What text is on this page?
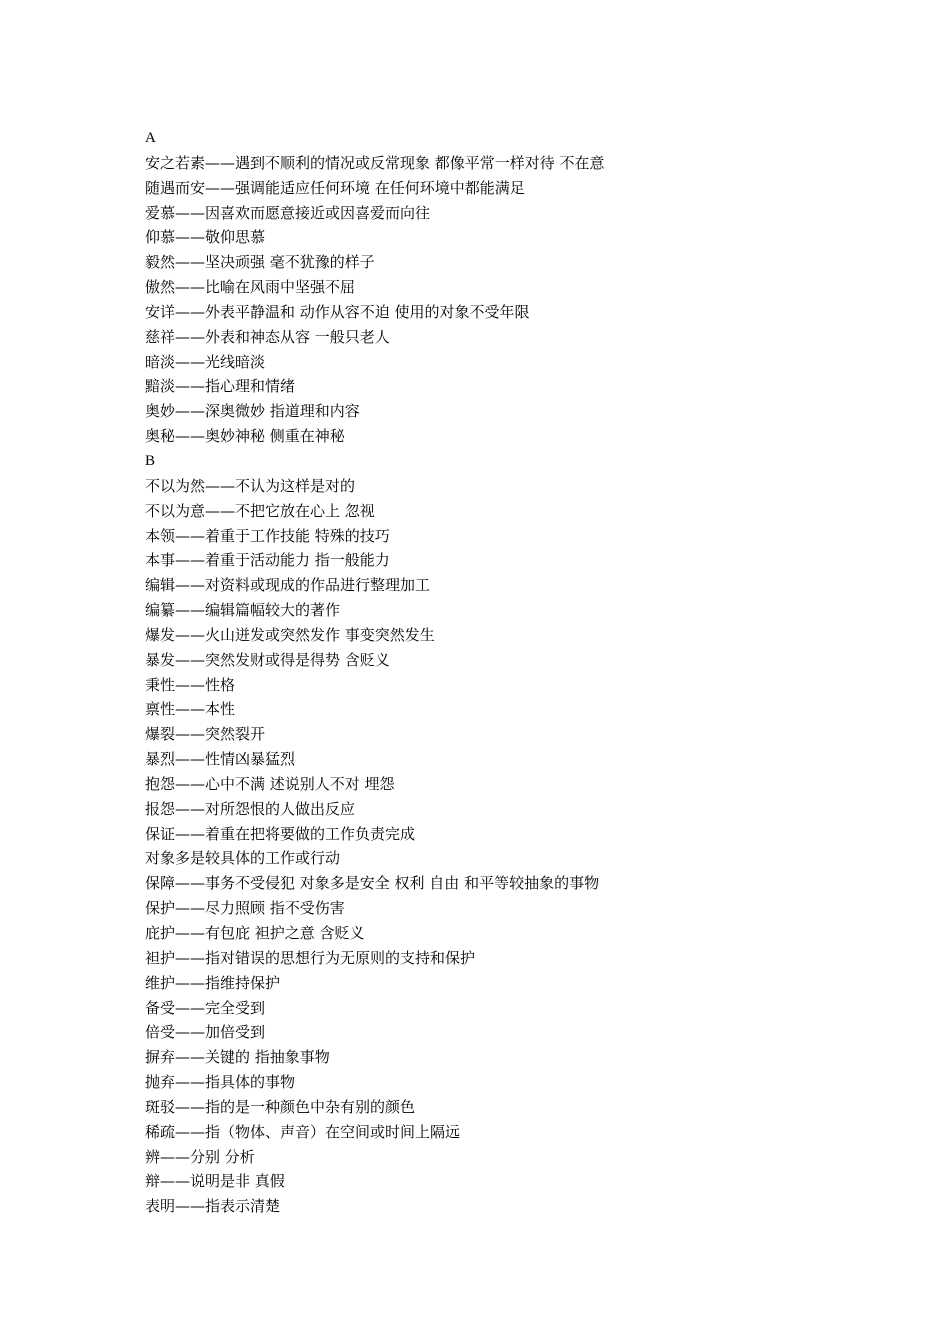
A
安之若素——遇到不顺利的情况或反常现象 都像平常一样对待 不在意
随遇而安——强调能适应任何环境 在任何环境中都能满足
爱慕——因喜欢而愿意接近或因喜爱而向往
仰慕——敬仰思慕
毅然——坚决顽强 毫不犹豫的样子
傲然——比喻在风雨中坚强不屈
安详——外表平静温和 动作从容不迫 使用的对象不受年限
慈祥——外表和神态从容 一般只老人
暗淡——光线暗淡
黯淡——指心理和情绪
奥妙——深奥微妙 指道理和内容
奥秘——奥妙神秘 侧重在神秘
B
不以为然——不认为这样是对的
不以为意——不把它放在心上 忽视
本领——着重于工作技能 特殊的技巧
本事——着重于活动能力 指一般能力
编辑——对资料或现成的作品进行整理加工
编纂——编辑篇幅较大的著作
爆发——火山迸发或突然发作 事变突然发生
暴发——突然发财或得是得势 含贬义
秉性——性格
禀性——本性
爆裂——突然裂开
暴烈——性情凶暴猛烈
抱怨——心中不满 述说别人不对 埋怨
报怨——对所怨恨的人做出反应
保证——着重在把将要做的工作负责完成
对象多是较具体的工作或行动
保障——事务不受侵犯 对象多是安全 权利 自由 和平等较抽象的事物
保护——尽力照顾 指不受伤害
庇护——有包庇 袒护之意 含贬义
袒护——指对错误的思想行为无原则的支持和保护
维护——指维持保护
备受——完全受到
倍受——加倍受到
摒弃——关键的 指抽象事物
抛弃——指具体的事物
斑驳——指的是一种颜色中杂有别的颜色
稀疏——指（物体、声音）在空间或时间上隔远
辨——分别 分析
辩——说明是非 真假
表明——指表示清楚
